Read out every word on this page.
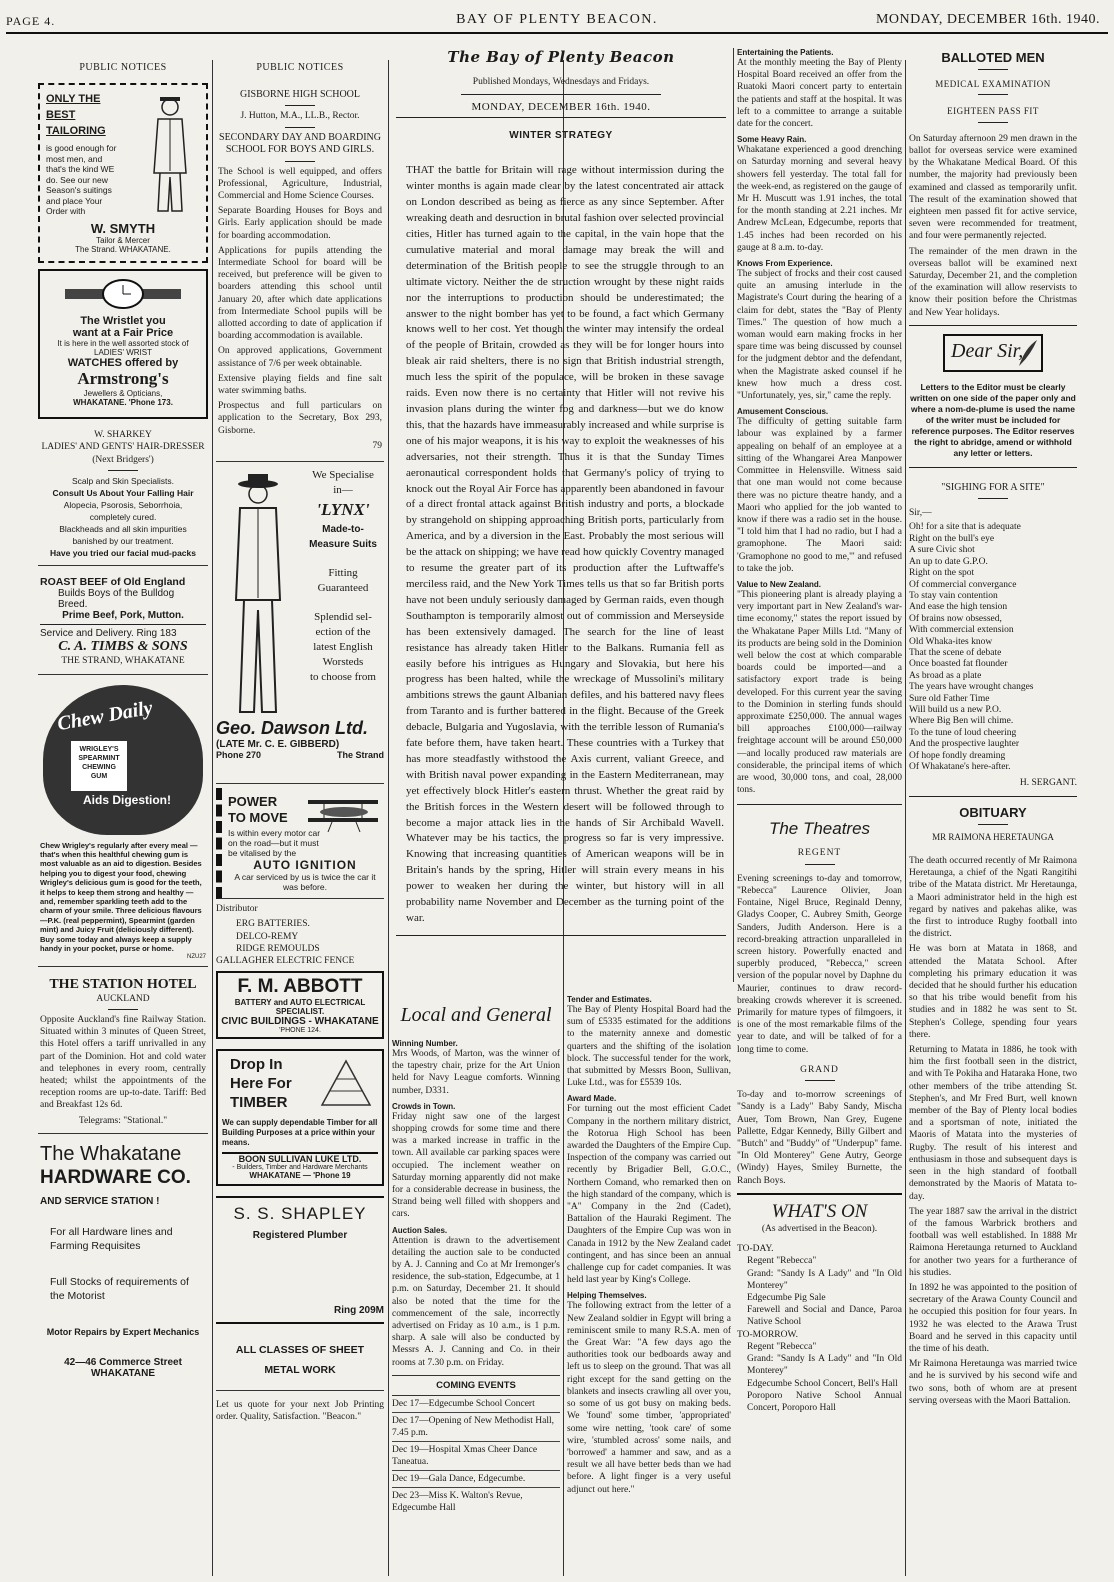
PAGE 4.	BAY OF PLENTY BEACON.	MONDAY, DECEMBER 16th. 1940.
PUBLIC NOTICES
ONLY THE
BEST
TAILORING
is good enough for most men, and that's the kind WE do. See our new Season's suitings and place Your Order with
W. SMYTH
Tailor & Mercer
The Strand. WHAKATANE.
The Wristlet you
want at a Fair Price
It is here in the well assorted stock of LADIES' WRIST
WATCHES offered by
Armstrong's
Jewellers & Opticians,
WHAKATANE. 'Phone 173.
W. SHARKEY
LADIES' AND GENTS' HAIR-DRESSER
(Next Bridgers')
Scalp and Skin Specialists.
Consult Us About Your Falling Hair
Alopecia, Psorosis, Seborrhoia,
completely cured.
Blackheads and all skin impurities
banished by our treatment.
Have you tried our facial mud-packs
ROAST BEEF of Old England
Builds Boys of the Bulldog Breed.
Prime Beef, Pork, Mutton.
Service and Delivery. Ring 183
C. A. TIMBS & SONS
THE STRAND, WHAKATANE
Chew Daily
WRIGLEY'S SPEARMINT CHEWING GUM
Aids Digestion!
Chew Wrigley's regularly after every meal — that's when this healthful chewing gum is most valuable as an aid to digestion. Besides helping you to digest your food, chewing Wrigley's delicious gum is good for the teeth, it helps to keep them strong and healthy — and, remember sparkling teeth add to the charm of your smile. Three delicious flavours—P.K. (real peppermint), Spearmint (garden mint) and Juicy Fruit (deliciously different). Buy some today and always keep a supply handy in your pocket, purse or home.
NZU27
THE STATION HOTEL
AUCKLAND
Opposite Auckland's fine Railway Station. Situated within 3 minutes of Queen Street, this Hotel offers a tariff unrivalled in any part of the Dominion. Hot and cold water and telephones in every room, centrally heated; whilst the appointments of the reception rooms are up-to-date. Tariff: Bed and Breakfast 12s 6d.
Telegrams: "Stational."
The Whakatane
HARDWARE CO.
AND SERVICE STATION !
For all Hardware lines and Farming Requisites
Full Stocks of requirements of the Motorist
Motor Repairs by Expert Mechanics
42—46 Commerce Street
WHAKATANE
PUBLIC NOTICES
GISBORNE HIGH SCHOOL
J. Hutton, M.A., LL.B., Rector.
SECONDARY DAY AND BOARDING SCHOOL FOR BOYS AND GIRLS.
The School is well equipped, and offers Professional, Agriculture, Industrial, Commercial and Home Science Courses.
Separate Boarding Houses for Boys and Girls. Early application should be made for boarding accommodation.
Applications for pupils attending the Intermediate School for board will be received, but preference will be given to boarders attending this school until January 20, after which date applications from Intermediate School pupils will be allotted according to date of application if boarding accommodation is available.
On approved applications, Government assistance of 7/6 per week obtainable.
Extensive playing fields and fine salt water swimming baths.
Prospectus and full particulars on application to the Secretary, Box 293, Gisborne.
79
We Specialise
in—
'LYNX'
Made-to-
Measure Suits
Fitting
Guaranteed
Splendid sel-
ection of the
latest English
Worsteds
to choose from
Geo. Dawson Ltd.
(LATE Mr. C. E. GIBBERD)
Phone 270	The Strand
POWER
TO MOVE
Is within every motor car on the road—but it must be vitalised by the
AUTO IGNITION
A car serviced by us is twice the car it was before.
Distributor
ERG BATTERIES.
DELCO-REMY
RIDGE REMOULDS
GALLAGHER ELECTRIC FENCE
F. M. ABBOTT
BATTERY and AUTO ELECTRICAL SPECIALIST.
CIVIC BUILDINGS - WHAKATANE
'PHONE 124.
Drop In
Here For
TIMBER
We can supply dependable Timber for all Building Purposes at a price within your means.
BOON SULLIVAN LUKE LTD.
- Builders, Timber and Hardware Merchants
WHAKATANE — 'Phone 19
S. S. SHAPLEY
Registered Plumber
Ring 209M
ALL CLASSES OF SHEET
METAL WORK
Let us quote for your next Job Printing order. Quality, Satisfaction. "Beacon."
The Bay of Plenty Beacon
Published Mondays, Wednesdays and Fridays.
MONDAY, DECEMBER 16th. 1940.
WINTER STRATEGY
THAT the battle for Britain will rage without intermission during the winter months is again made clear by the latest concentrated air attack on London described as being as fierce as any since September. After wreaking death and desruction in brutal fashion over selected provincial cities, Hitler has turned again to the capital, in the vain hope that the cumulative material and moral damage may break the will and determination of the British people to see the struggle through to an ultimate victory. Neither the de struction wrought by these night raids nor the interruptions to production should be underestimated; the answer to the night bomber has yet to be found, a fact which Germany knows well to her cost. Yet though the winter may intensify the ordeal of the people of Britain, crowded as they will be for longer hours into bleak air raid shelters, there is no sign that British industrial strength, much less the spirit of the populace, will be broken in these savage raids. Even now there is no certainty that Hitler will not revive his invasion plans during the winter fog and darkness—but we do know this, that the hazards have immeasurably increased and while surprise is one of his major weapons, it is his way to exploit the weaknesses of his adversaries, not their strength. Thus it is that the Sunday Times aeronautical correspondent holds that Germany's policy of trying to knock out the Royal Air Force has apparently been abandoned in favour of a direct frontal attack against British industry and ports, a blockade by strangehold on shipping approaching British ports, particularly from America, and by a diversion in the East. Probably the most serious will be the attack on shipping; we have read how quickly Coventry managed to resume the greater part of its production after the Luftwaffe's merciless raid, and the New York Times tells us that so far British ports have not been unduly seriously damaged by German raids, even though Southampton is temporarily almost out of commission and Merseyside has been extensively damaged. The search for the line of least resistance has already taken Hitler to the Balkans. Rumania fell as easily before his intrigues as Hungary and Slovakia, but here his progress has been halted, while the wreckage of Mussolini's military ambitions strews the gaunt Albanian defiles, and his battered navy flees from Taranto and is further battered in the flight. Because of the Greek debacle, Bulgaria and Yugoslavia, with the terrible lesson of Rumania's fate before them, have taken heart. These countries with a Turkey that has more steadfastly withstood the Axis current, valiant Greece, and with British naval power expanding in the Eastern Mediterranean, may yet effectively block Hitler's eastern thrust. Whether the great raid by the British forces in the Western desert will be followed through to become a major attack lies in the hands of Sir Archibald Wavell. Whatever may be his tactics, the progress so far is very impressive. Knowing that increasing quantities of American weapons will be in Britain's hands by the spring, Hitler will strain every means in his power to weaken her during the winter, but history will in all probability name November and December as the turning point of the war.
Local and General
Winning Number.
Mrs Woods, of Marton, was the winner of the tapestry chair, prize for the Art Union held for Navy League comforts. Winning number, D331.
Crowds in Town.
Friday night saw one of the largest shopping crowds for some time and there was a marked increase in traffic in the town. All available car parking spaces were occupied. The inclement weather on Saturday morning apparently did not make for a considerable decrease in business, the Strand being well filled with shoppers and cars.
Auction Sales.
Attention is drawn to the advertisement detailing the auction sale to be conducted by A. J. Canning and Co at Mr Iremonger's residence, the sub-station, Edgecumbe, at 1 p.m. on Saturday, December 21. It should also be noted that the time for the commencement of the sale, incorrectly advertised on Friday as 10 a.m., is 1 p.m. sharp. A sale will also be conducted by Messrs A. J. Canning and Co. in their rooms at 7.30 p.m. on Friday.
COMING EVENTS
Dec 17—Edgecumbe School Concert
Dec 17—Opening of New Methodist Hall, 7.45 p.m.
Dec 19—Hospital Xmas Cheer Dance Taneatua.
Dec 19—Gala Dance, Edgecumbe.
Dec 23—Miss K. Walton's Revue, Edgecumbe Hall
Tender and Estimates.
The Bay of Plenty Hospital Board had the sum of £5335 estimated for the additions to the maternity annexe and domestic quarters and the shifting of the isolation block. The successful tender for the work, that submitted by Messrs Boon, Sullivan, Luke Ltd., was for £5539 10s.
Award Made.
For turning out the most efficient Cadet Company in the northern military district, the Rotorua High School has been awarded the Daughters of the Empire Cup. Inspection of the company was carried out recently by Brigadier Bell, G.O.C., Northern Comand, who remarked then on the high standard of the company, which is "A" Company in the 2nd (Cadet), Battalion of the Hauraki Regiment. The Daughters of the Empire Cup was won in Canada in 1912 by the New Zealand cadet contingent, and has since been an annual challenge cup for cadet companies. It was held last year by King's College.
Helping Themselves.
The following extract from the letter of a New Zealand soldier in Egypt will bring a reminiscent smile to many R.S.A. men of the Great War: "A few days ago the authorities took our bedboards away and left us to sleep on the ground. That was all right except for the sand getting on the blankets and insects crawling all over you, so some of us got busy on making beds. We 'found' some timber, 'appropriated' some wire netting, 'took care' of some wire, 'stumbled across' some nails, and 'borrowed' a hammer and saw, and as a result we all have better beds than we had before. A light finger is a very useful adjunct out here."
Entertaining the Patients.
At the monthly meeting the Bay of Plenty Hospital Board received an offer from the Ruatoki Maori concert party to entertain the patients and staff at the hospital. It was left to a committee to arrange a suitable date for the concert.
Some Heavy Rain.
Whakatane experienced a good drenching on Saturday morning and several heavy showers fell yesterday. The total fall for the week-end, as registered on the gauge of Mr H. Muscutt was 1.91 inches, the total for the month standing at 2.21 inches. Mr Andrew McLean, Edgecumbe, reports that 1.45 inches had been recorded on his gauge at 8 a.m. to-day.
Knows From Experience.
The subject of frocks and their cost caused quite an amusing interlude in the Magistrate's Court during the hearing of a claim for debt, states the "Bay of Plenty Times." The question of how much a woman would earn making frocks in her spare time was being discussed by counsel for the judgment debtor and the defendant, when the Magistrate asked counsel if he knew how much a dress cost. "Unfortunately, yes, sir," came the reply.
Amusement Conscious.
The difficulty of getting suitable farm labour was explained by a farmer appealing on behalf of an employee at a sitting of the Whangarei Area Manpower Committee in Helensville. Witness said that one man would not come because there was no picture theatre handy, and a Maori who applied for the job wanted to know if there was a radio set in the house. "I told him that I had no radio, but I had a gramophone. The Maori said: 'Gramophone no good to me,'" and refused to take the job.
Value to New Zealand.
"This pioneering plant is already playing a very important part in New Zealand's war-time economy," states the report issued by the Whakatane Paper Mills Ltd. "Many of its products are being sold in the Dominion well below the cost at which comparable boards could be imported—and a satisfactory export trade is being developed. For this current year the saving to the Dominion in sterling funds should approximate £250,000. The annual wages bill approaches £100,000—railway freightage account will be around £50,000—and locally produced raw materials are considerable, the principal items of which are wood, 30,000 tons, and coal, 28,000 tons.
The Theatres
REGENT
Evening screenings to-day and tomorrow, "Rebecca" Laurence Olivier, Joan Fontaine, Nigel Bruce, Reginald Denny, Gladys Cooper, C. Aubrey Smith, George Sanders, Judith Anderson. Here is a record-breaking attraction unparalleled in screen history. Powerfully enacted and superbly produced, "Rebecca," screen version of the popular novel by Daphne du Maurier, continues to draw record-breaking crowds wherever it is screened. Primarily for mature types of filmgoers, it is one of the most remarkable films of the year to date, and will be talked of for a long time to come.
GRAND
To-day and to-morrow screenings of "Sandy is a Lady" Baby Sandy, Mischa Auer, Tom Brown, Nan Grey, Eugene Pallette, Edgar Kennedy, Billy Gilbert and "Butch" and "Buddy" of "Underpup" fame. "In Old Monterey" Gene Autry, George (Windy) Hayes, Smiley Burnette, the Ranch Boys.
WHAT'S ON
(As advertised in the Beacon).
TO-DAY.
Regent "Rebecca"
Grand: "Sandy Is A Lady" and "In Old Monterey"
Edgecumbe Pig Sale
Farewell and Social and Dance, Paroa Native School
TO-MORROW.
Regent "Rebecca"
Grand: "Sandy Is A Lady" and "In Old Monterey"
Edgecumbe School Concert, Bell's Hall
Poroporo Native School Annual Concert, Poroporo Hall
BALLOTED MEN
MEDICAL EXAMINATION
EIGHTEEN PASS FIT
On Saturday afternoon 29 men drawn in the ballot for overseas service were examined by the Whakatane Medical Board. Of this number, the majority had previously been examined and classed as temporarily unfit. The result of the examination showed that eighteen men passed fit for active service, seven were recommended for treatment, and four were permanently rejected.
The remainder of the men drawn in the overseas ballot will be examined next Saturday, December 21, and the completion of the examination will allow reservists to know their position before the Christmas and New Year holidays.
Dear Sir,
Letters to the Editor must be clearly written on one side of the paper only and where a nom-de-plume is used the name of the writer must be included for reference purposes. The Editor reserves the right to abridge, amend or withhold any letter or letters.
"SIGHING FOR A SITE"
Sir,—
Oh! for a site that is adequate
Right on the bull's eye
A sure Civic shot
An up to date G.P.O.
Right on the spot
Of commercial convergance
To stay vain contention
And ease the high tension
Of brains now obsessed,
With commercial extension
Old Whaka-ites know
That the scene of debate
Once boasted fat flounder
As broad as a plate
The years have wrought changes
Sure old Father Time
Will build us a new P.O.
Where Big Ben will chime.
To the tune of loud cheering
And the prospective laughter
Of hope fondly dreaming
Of Whakatane's here-after.
H. SERGANT.
OBITUARY
MR RAIMONA HERETAUNGA
The death occurred recently of Mr Raimona Heretaunga, a chief of the Ngati Rangitihi tribe of the Matata district. Mr Heretaunga, a Maori administrator held in the high est regard by natives and pakehas alike, was the first to introduce Rugby football into the district.
He was born at Matata in 1868, and attended the Matata School. After completing his primary education it was decided that he should further his education so that his tribe would benefit from his studies and in 1882 he was sent to St. Stephen's College, spending four years there.
Returning to Matata in 1886, he took with him the first football seen in the district, and with Te Pokiha and Hataraka Hone, two other members of the tribe attending St. Stephen's, and Mr Fred Burt, well known member of the Bay of Plenty local bodies and a sportsman of note, initiated the Maoris of Matata into the mysteries of Rugby. The result of his interest and enthusiasm in those and subsequent days is seen in the high standard of football demonstrated by the Maoris of Matata to-day.
The year 1887 saw the arrival in the district of the famous Warbrick brothers and football was well established. In 1888 Mr Raimona Heretaunga returned to Auckland for another two years for a furtherance of his studies.
In 1892 he was appointed to the position of secretary of the Arawa County Council and he occupied this position for four years. In 1932 he was elected to the Arawa Trust Board and he served in this capacity until the time of his death.
Mr Raimona Heretaunga was married twice and he is survived by his second wife and two sons, both of whom are at present serving overseas with the Maori Battalion.
